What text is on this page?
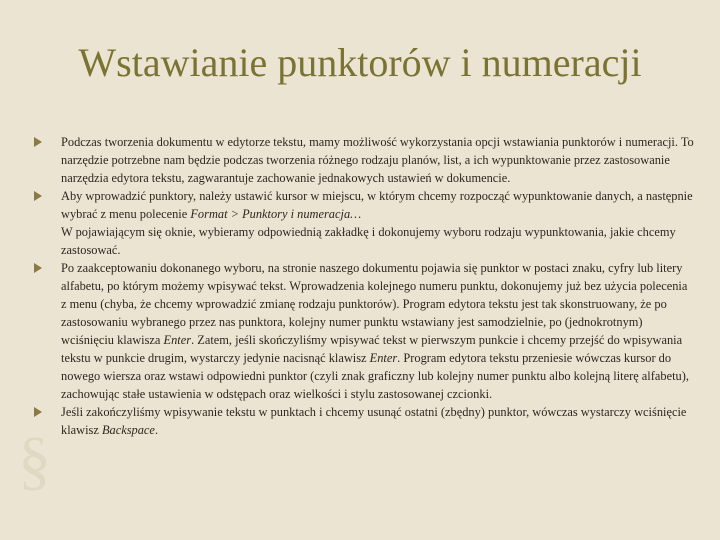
§
Wstawianie punktorów i numeracji
Podczas tworzenia dokumentu w edytorze tekstu, mamy możliwość wykorzystania opcji wstawiania punktorów i numeracji. To narzędzie potrzebne nam będzie podczas tworzenia różnego rodzaju planów, list, a ich wypunktowanie przez zastosowanie narzędzia edytora tekstu, zagwarantuje zachowanie jednakowych ustawień w dokumencie.
Aby wprowadzić punktory, należy ustawić kursor w miejscu, w którym chcemy rozpocząć wypunktowanie danych, a następnie wybrać z menu polecenie Format > Punktory i numeracja…
W pojawiającym się oknie, wybieramy odpowiednią zakładkę i dokonujemy wyboru rodzaju wypunktowania, jakie chcemy zastosować.
Po zaakceptowaniu dokonanego wyboru, na stronie naszego dokumentu pojawia się punktor w postaci znaku, cyfry lub litery alfabetu, po którym możemy wpisywać tekst. Wprowadzenia kolejnego numeru punktu, dokonujemy już bez użycia polecenia z menu (chyba, że chcemy wprowadzić zmianę rodzaju punktorów). Program edytora tekstu jest tak skonstruowany, że po zastosowaniu wybranego przez nas punktora, kolejny numer punktu wstawiany jest samodzielnie, po (jednokrotnym) wciśnięciu klawisza Enter. Zatem, jeśli skończyliśmy wpisywać tekst w pierwszym punkcie i chcemy przejść do wpisywania tekstu w punkcie drugim, wystarczy jedynie nacisnąć klawisz Enter. Program edytora tekstu przeniesie wówczas kursor do nowego wiersza oraz wstawi odpowiedni punktor (czyli znak graficzny lub kolejny numer punktu albo kolejną literę alfabetu), zachowując stałe ustawienia w odstępach oraz wielkości i stylu zastosowanej czcionki.
Jeśli zakończyliśmy wpisywanie tekstu w punktach i chcemy usunąć ostatni (zbędny) punktor, wówczas wystarczy wciśnięcie klawisz Backspace.
